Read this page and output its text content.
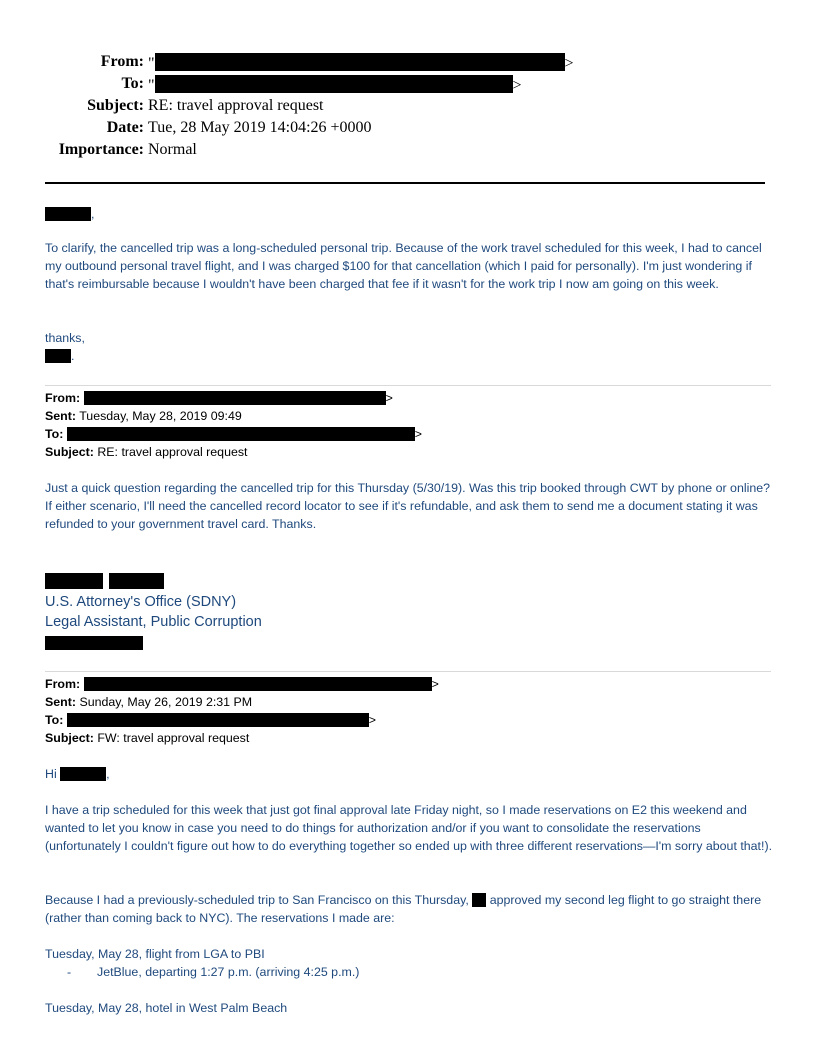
From: "	>
To: "	>
Subject: RE: travel approval request
Date: Tue, 28 May 2019 14:04:26 +0000
Importance: Normal
,

To clarify, the cancelled trip was a long-scheduled personal trip. Because of the work travel scheduled for this week, I had to cancel my outbound personal travel flight, and I was charged $100 for that cancellation (which I paid for personally). I'm just wondering if that's reimbursable because I wouldn't have been charged that fee if it wasn't for the work trip I now am going on this week.

thanks,
.
From:	>
Sent: Tuesday, May 28, 2019 09:49
To:	>
Subject: RE: travel approval request

Just a quick question regarding the cancelled trip for this Thursday (5/30/19). Was this trip booked through CWT by phone or online? If either scenario, I'll need the cancelled record locator to see if it's refundable, and ask them to send me a document stating it was refunded to your government travel card. Thanks.

U.S. Attorney's Office (SDNY)
Legal Assistant, Public Corruption
From:	>
Sent: Sunday, May 26, 2019 2:31 PM
To:	>
Subject: FW: travel approval request
Hi	,

I have a trip scheduled for this week that just got final approval late Friday night, so I made reservations on E2 this weekend and wanted to let you know in case you need to do things for authorization and/or if you want to consolidate the reservations (unfortunately I couldn't figure out how to do everything together so ended up with three different reservations—I'm sorry about that!).

Because I had a previously-scheduled trip to San Francisco on this Thursday, approved my second leg flight to go straight there (rather than coming back to NYC). The reservations I made are:

Tuesday, May 28, flight from LGA to PBI
- JetBlue, departing 1:27 p.m. (arriving 4:25 p.m.)
Tuesday, May 28, hotel in West Palm Beach
